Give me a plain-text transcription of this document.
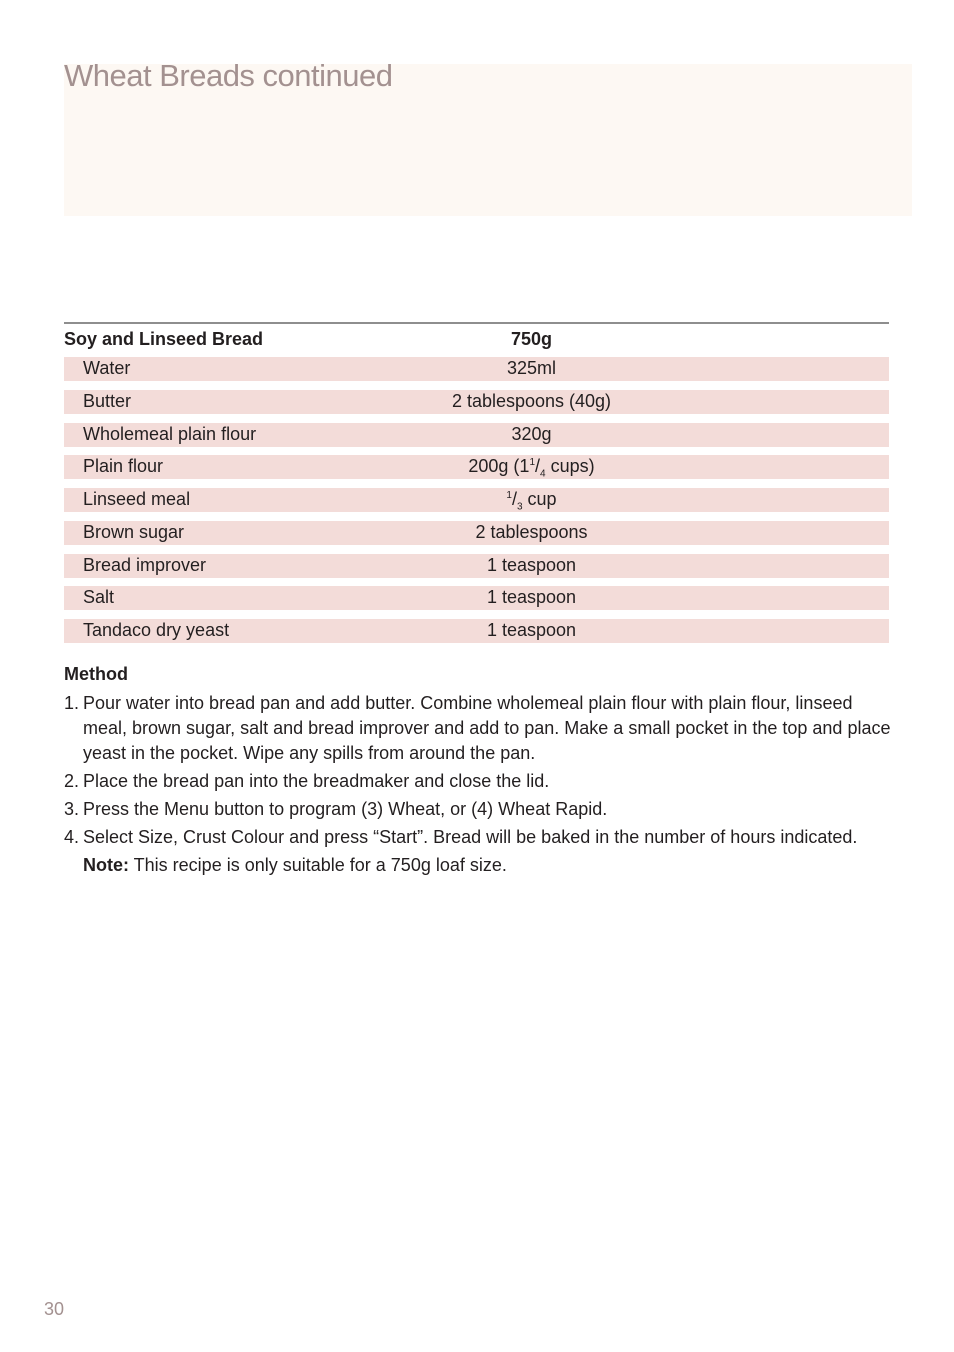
Wheat Breads continued
Soy and Linseed Bread	750g
Water	325ml
Butter	2 tablespoons (40g)
Wholemeal plain flour	320g
Plain flour	200g ($1^1/_4$ cups)
Linseed meal	$^1/_3$ cup
Brown sugar	2 tablespoons
Bread improver	1 teaspoon
Salt	1 teaspoon
Tandaco dry yeast	1 teaspoon
Method
1. Pour water into bread pan and add butter. Combine wholemeal plain flour with plain flour, linseed meal, brown sugar, salt and bread improver and add to pan. Make a small pocket in the top and place yeast in the pocket. Wipe any spills from around the pan.
2. Place the bread pan into the breadmaker and close the lid.
3. Press the Menu button to program (3) Wheat, or (4) Wheat Rapid.
4. Select Size, Crust Colour and press “Start”. Bread will be baked in the number of hours indicated.
Note: This recipe is only suitable for a 750g loaf size.
30
